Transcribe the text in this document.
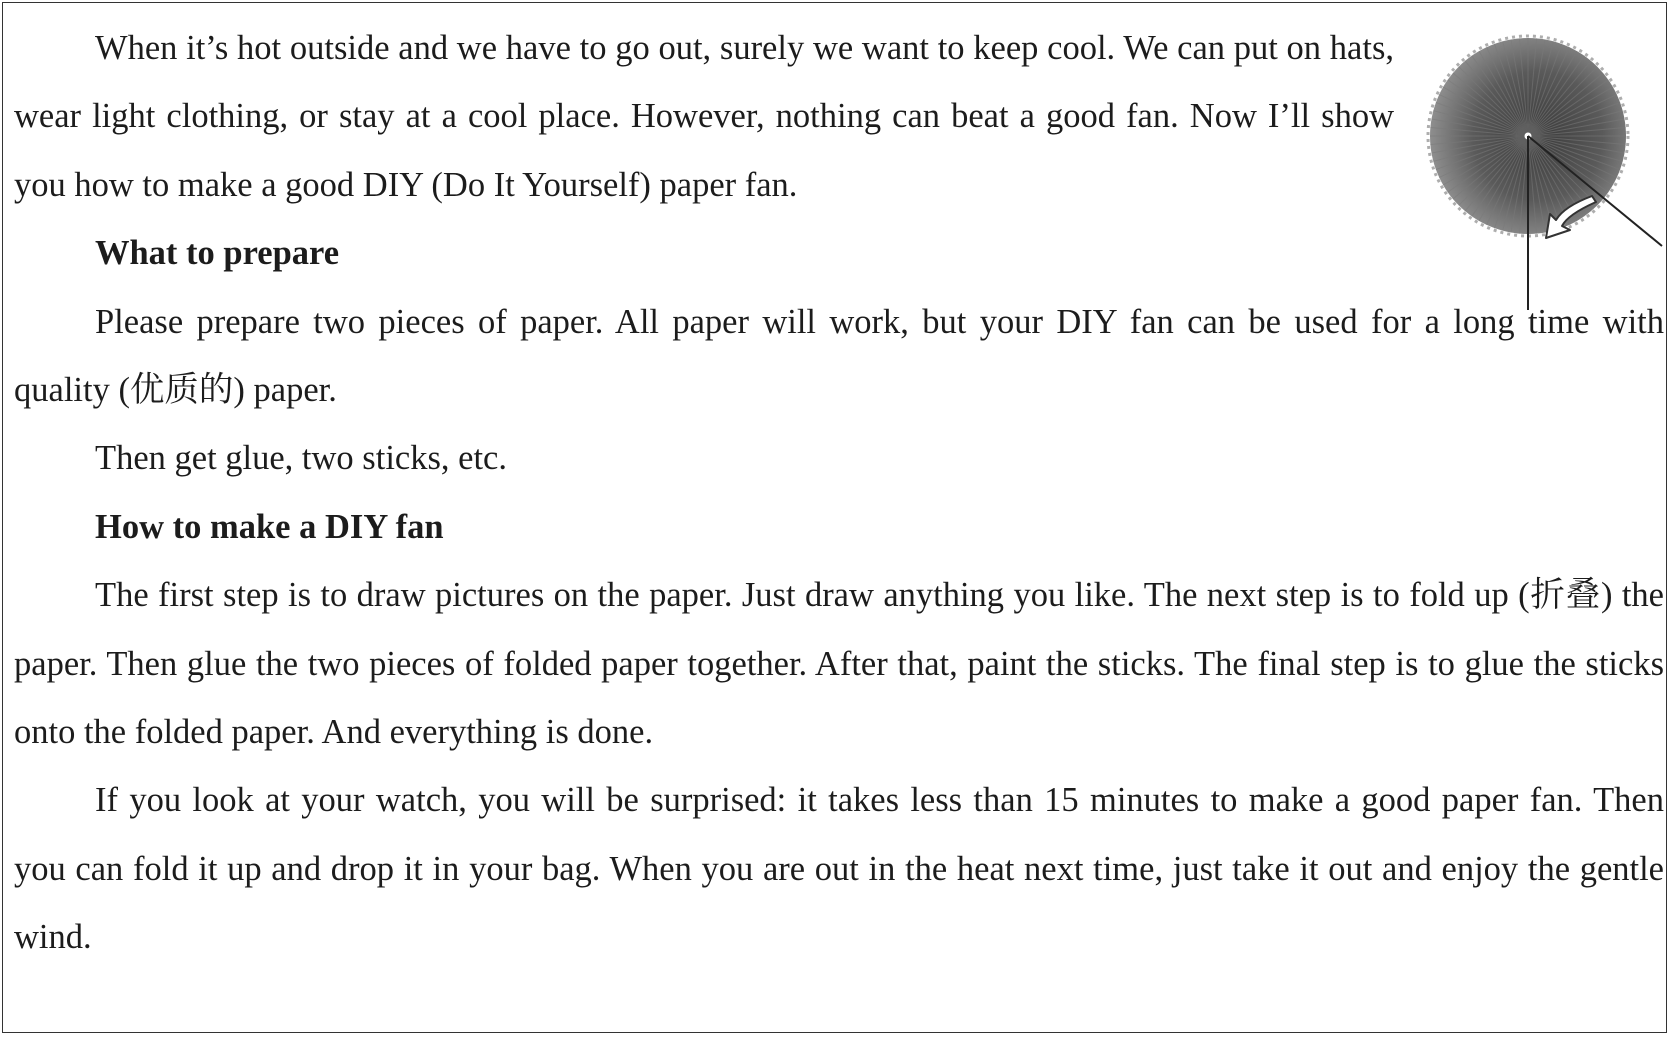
When it’s hot outside and we have to go out, surely we want to keep cool. We can put on hats, wear light clothing, or stay at a cool place. However, nothing can beat a good fan. Now I’ll show you how to make a good DIY (Do It Yourself) paper fan.

What to prepare

Please prepare two pieces of paper. All paper will work, but your DIY fan can be used for a long time with quality (优质的) paper.

Then get glue, two sticks, etc.

How to make a DIY fan

The first step is to draw pictures on the paper. Just draw anything you like. The next step is to fold up (折叠) the paper. Then glue the two pieces of folded paper together. After that, paint the sticks. The final step is to glue the sticks onto the folded paper. And everything is done.

If you look at your watch, you will be surprised: it takes less than 15 minutes to make a good paper fan. Then you can fold it up and drop it in your bag. When you are out in the heat next time, just take it out and enjoy the gentle wind.
